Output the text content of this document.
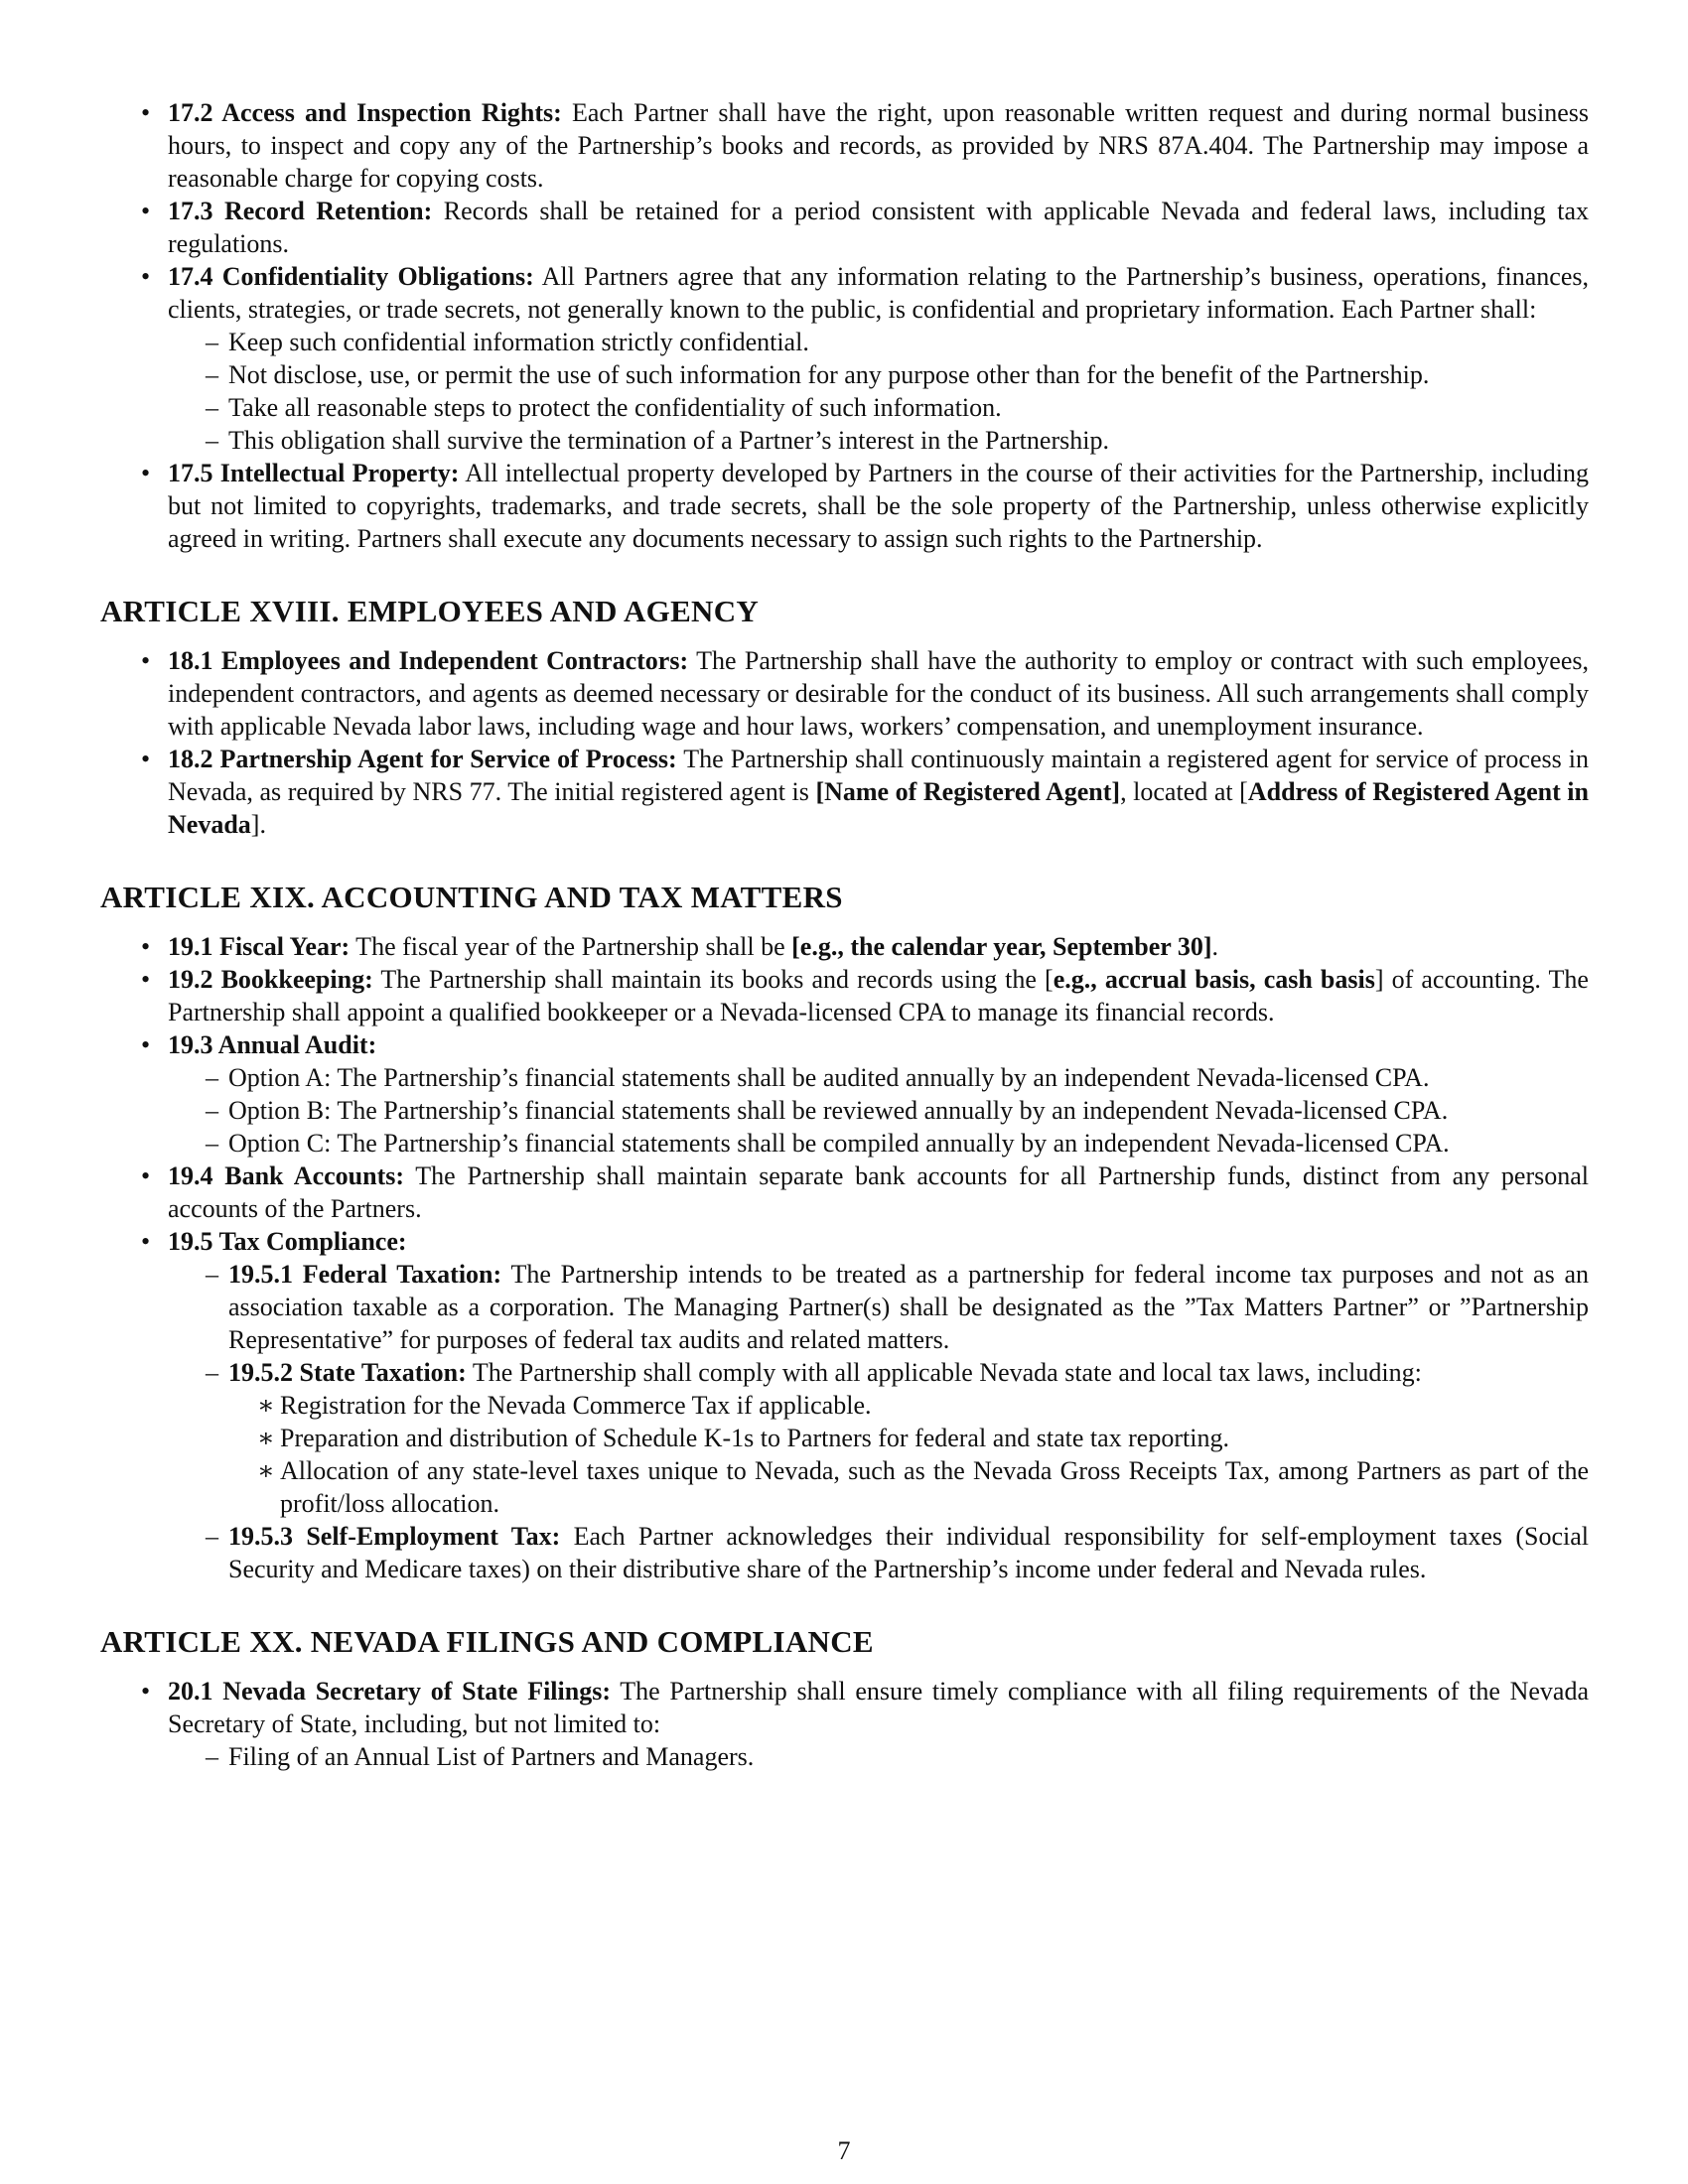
• 17.2 Access and Inspection Rights: Each Partner shall have the right, upon reasonable written request and during normal business hours, to inspect and copy any of the Partnership’s books and records, as provided by NRS 87A.404. The Partnership may impose a reasonable charge for copying costs.
• 17.3 Record Retention: Records shall be retained for a period consistent with applicable Nevada and federal laws, including tax regulations.
• 17.4 Confidentiality Obligations: All Partners agree that any information relating to the Partnership’s business, operations, finances, clients, strategies, or trade secrets, not generally known to the public, is confidential and proprietary information. Each Partner shall:
– Keep such confidential information strictly confidential.
– Not disclose, use, or permit the use of such information for any purpose other than for the benefit of the Partnership.
– Take all reasonable steps to protect the confidentiality of such information.
– This obligation shall survive the termination of a Partner’s interest in the Partnership.
• 17.5 Intellectual Property: All intellectual property developed by Partners in the course of their activities for the Partnership, including but not limited to copyrights, trademarks, and trade secrets, shall be the sole property of the Partnership, unless otherwise explicitly agreed in writing. Partners shall execute any documents necessary to assign such rights to the Partnership.
ARTICLE XVIII. EMPLOYEES AND AGENCY
• 18.1 Employees and Independent Contractors: The Partnership shall have the authority to employ or contract with such employees, independent contractors, and agents as deemed necessary or desirable for the conduct of its business. All such arrangements shall comply with applicable Nevada labor laws, including wage and hour laws, workers’ compensation, and unemployment insurance.
• 18.2 Partnership Agent for Service of Process: The Partnership shall continuously maintain a registered agent for service of process in Nevada, as required by NRS 77. The initial registered agent is [Name of Registered Agent], located at [Address of Registered Agent in Nevada].
ARTICLE XIX. ACCOUNTING AND TAX MATTERS
• 19.1 Fiscal Year: The fiscal year of the Partnership shall be [e.g., the calendar year, September 30].
• 19.2 Bookkeeping: The Partnership shall maintain its books and records using the [e.g., accrual basis, cash basis] of accounting. The Partnership shall appoint a qualified bookkeeper or a Nevada-licensed CPA to manage its financial records.
• 19.3 Annual Audit:
– Option A: The Partnership’s financial statements shall be audited annually by an independent Nevada-licensed CPA.
– Option B: The Partnership’s financial statements shall be reviewed annually by an independent Nevada-licensed CPA.
– Option C: The Partnership’s financial statements shall be compiled annually by an independent Nevada-licensed CPA.
• 19.4 Bank Accounts: The Partnership shall maintain separate bank accounts for all Partnership funds, distinct from any personal accounts of the Partners.
• 19.5 Tax Compliance:
– 19.5.1 Federal Taxation: The Partnership intends to be treated as a partnership for federal income tax purposes and not as an association taxable as a corporation. The Managing Partner(s) shall be designated as the ”Tax Matters Partner” or ”Partnership Representative” for purposes of federal tax audits and related matters.
– 19.5.2 State Taxation: The Partnership shall comply with all applicable Nevada state and local tax laws, including:
∗ Registration for the Nevada Commerce Tax if applicable.
∗ Preparation and distribution of Schedule K-1s to Partners for federal and state tax reporting.
∗ Allocation of any state-level taxes unique to Nevada, such as the Nevada Gross Receipts Tax, among Partners as part of the profit/loss allocation.
– 19.5.3 Self-Employment Tax: Each Partner acknowledges their individual responsibility for self-employment taxes (Social Security and Medicare taxes) on their distributive share of the Partnership’s income under federal and Nevada rules.
ARTICLE XX. NEVADA FILINGS AND COMPLIANCE
• 20.1 Nevada Secretary of State Filings: The Partnership shall ensure timely compliance with all filing requirements of the Nevada Secretary of State, including, but not limited to:
– Filing of an Annual List of Partners and Managers.
7
